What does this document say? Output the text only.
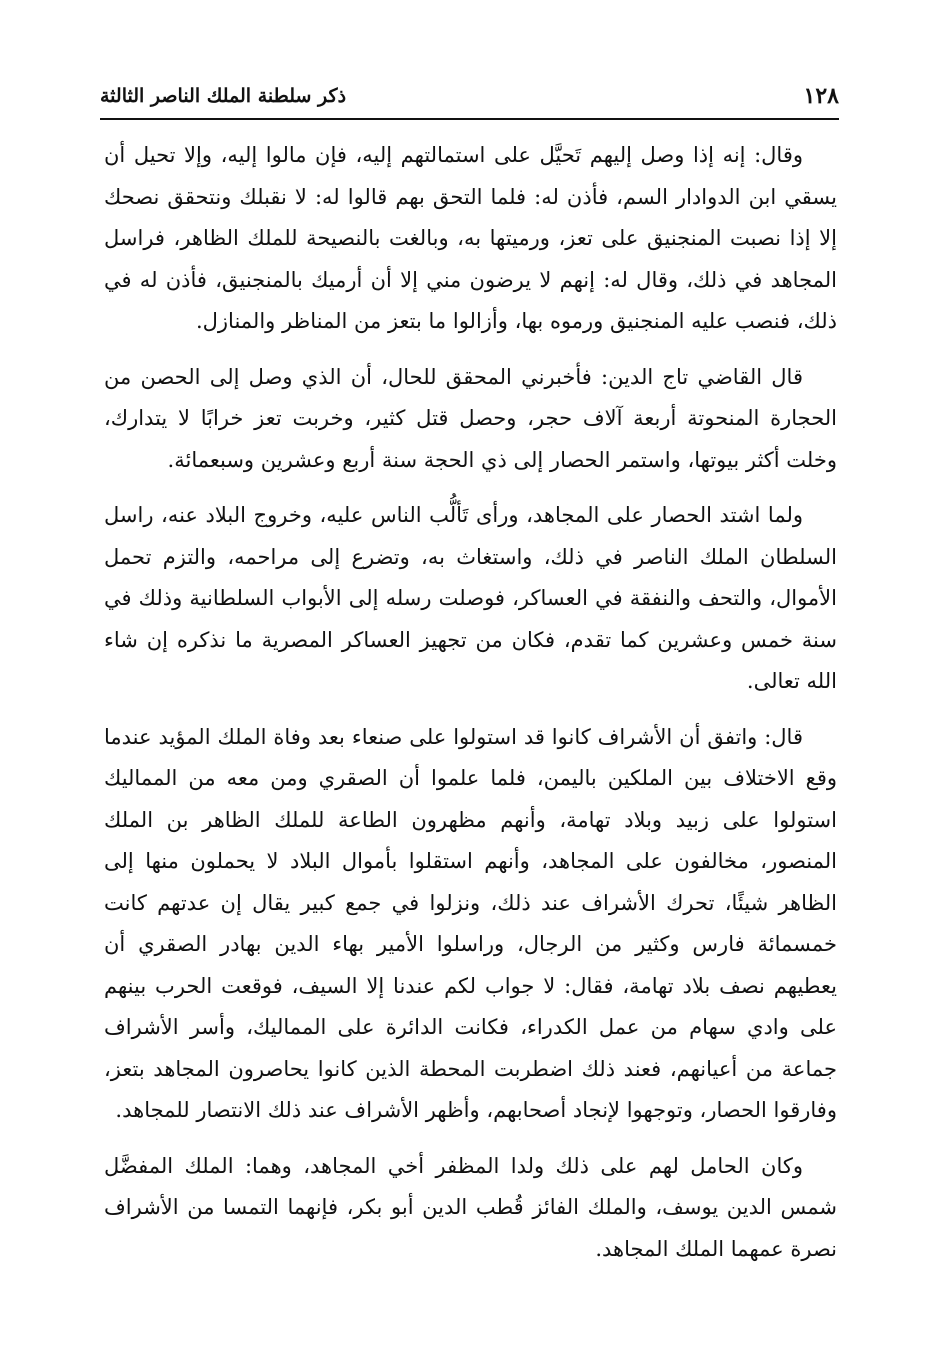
١٢٨
ذكر سلطنة الملك الناصر الثالثة

وقال: إنه إذا وصل إليهم تَحيَّل على استمالتهم إليه، فإن مالوا إليه، وإلا تحيل أن يسقي ابن الدوادار السم، فأذن له: فلما التحق بهم قالوا له: لا نقبلك ونتحقق نصحك إلا إذا نصبت المنجنيق على تعز، ورميتها به، وبالغت بالنصيحة للملك الظاهر، فراسل المجاهد في ذلك، وقال له: إنهم لا يرضون مني إلا أن أرميك بالمنجنيق، فأذن له في ذلك، فنصب عليه المنجنيق ورموه بها، وأزالوا ما بتعز من المناظر والمنازل.

قال القاضي تاج الدين: فأخبرني المحقق للحال، أن الذي وصل إلى الحصن من الحجارة المنحوتة أربعة آلاف حجر، وحصل قتل كثير، وخربت تعز خرابًا لا يتدارك، وخلت أكثر بيوتها، واستمر الحصار إلى ذي الحجة سنة أربع وعشرين وسبعمائة.

ولما اشتد الحصار على المجاهد، ورأى تَألُّب الناس عليه، وخروج البلاد عنه، راسل السلطان الملك الناصر في ذلك، واستغاث به، وتضرع إلى مراحمه، والتزم تحمل الأموال، والتحف والنفقة في العساكر، فوصلت رسله إلى الأبواب السلطانية وذلك في سنة خمس وعشرين كما تقدم، فكان من تجهيز العساكر المصرية ما نذكره إن شاء الله تعالى.

قال: واتفق أن الأشراف كانوا قد استولوا على صنعاء بعد وفاة الملك المؤيد عندما وقع الاختلاف بين الملكين باليمن، فلما علموا أن الصقري ومن معه من المماليك استولوا على زبيد وبلاد تهامة، وأنهم مظهرون الطاعة للملك الظاهر بن الملك المنصور، مخالفون على المجاهد، وأنهم استقلوا بأموال البلاد لا يحملون منها إلى الظاهر شيئًا، تحرك الأشراف عند ذلك، ونزلوا في جمع كبير يقال إن عدتهم كانت خمسمائة فارس وكثير من الرجال، وراسلوا الأمير بهاء الدين بهادر الصقري أن يعطيهم نصف بلاد تهامة، فقال: لا جواب لكم عندنا إلا السيف، فوقعت الحرب بينهم على وادي سهام من عمل الكدراء، فكانت الدائرة على المماليك، وأسر الأشراف جماعة من أعيانهم، فعند ذلك اضطربت المحطة الذين كانوا يحاصرون المجاهد بتعز، وفارقوا الحصار، وتوجهوا لإنجاد أصحابهم، وأظهر الأشراف عند ذلك الانتصار للمجاهد.

وكان الحامل لهم على ذلك ولدا المظفر أخي المجاهد، وهما: الملك المفضَّل شمس الدين يوسف، والملك الفائز قُطب الدين أبو بكر، فإنهما التمسا من الأشراف نصرة عمهما الملك المجاهد.
